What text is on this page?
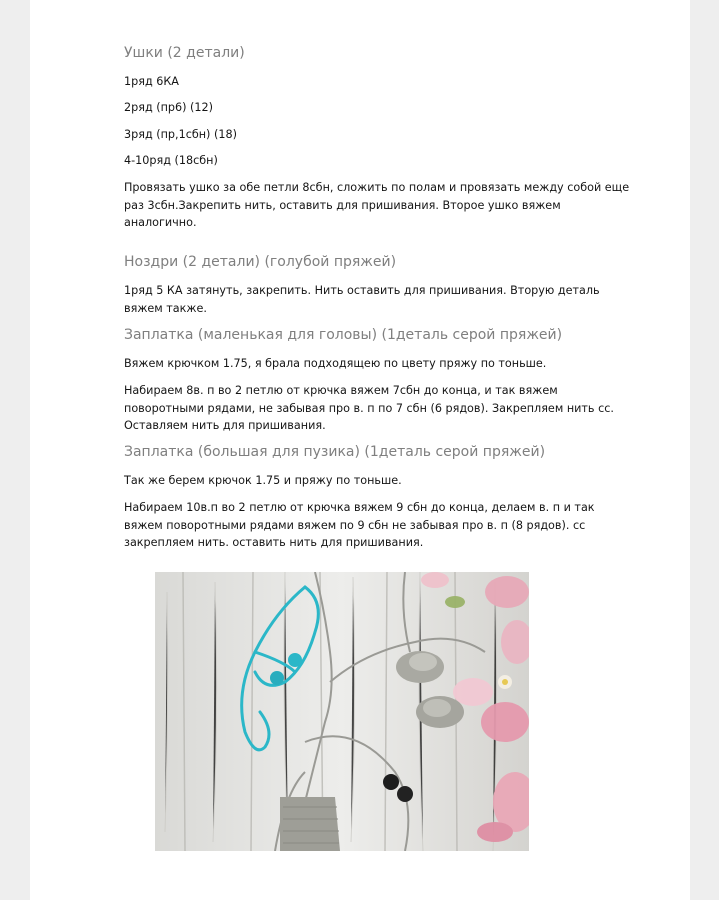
Ушки (2 детали)
1ряд 6КА
2ряд (пр6) (12)
3ряд (пр,1сбн) (18)
4-10ряд (18сбн)
Провязать ушко за обе петли 8сбн, сложить по полам и провязать между собой еще раз 3сбн.Закрепить нить, оставить для пришивания. Второе ушко вяжем аналогично.
Ноздри (2 детали) (голубой пряжей)
1ряд 5 КА затянуть, закрепить. Нить оставить для пришивания. Вторую деталь вяжем также.
Заплатка (маленькая для головы) (1деталь серой пряжей)
Вяжем крючком 1.75, я брала подходящею по цвету пряжу по тоньше.
Набираем 8в. п во 2 петлю от крючка вяжем 7сбн до конца, и так вяжем поворотными рядами, не забывая про в. п по 7 сбн (6 рядов). Закрепляем нить сс. Оставляем нить для пришивания.
Заплатка (большая для пузика) (1деталь серой пряжей)
Так же берем крючок 1.75 и пряжу по тоньше.
Набираем 10в.п во 2 петлю от крючка вяжем 9 сбн до конца, делаем в. п и так вяжем поворотными рядами вяжем по 9 сбн не забывая про в. п (8 рядов). сс закрепляем нить. оставить нить для пришивания.
